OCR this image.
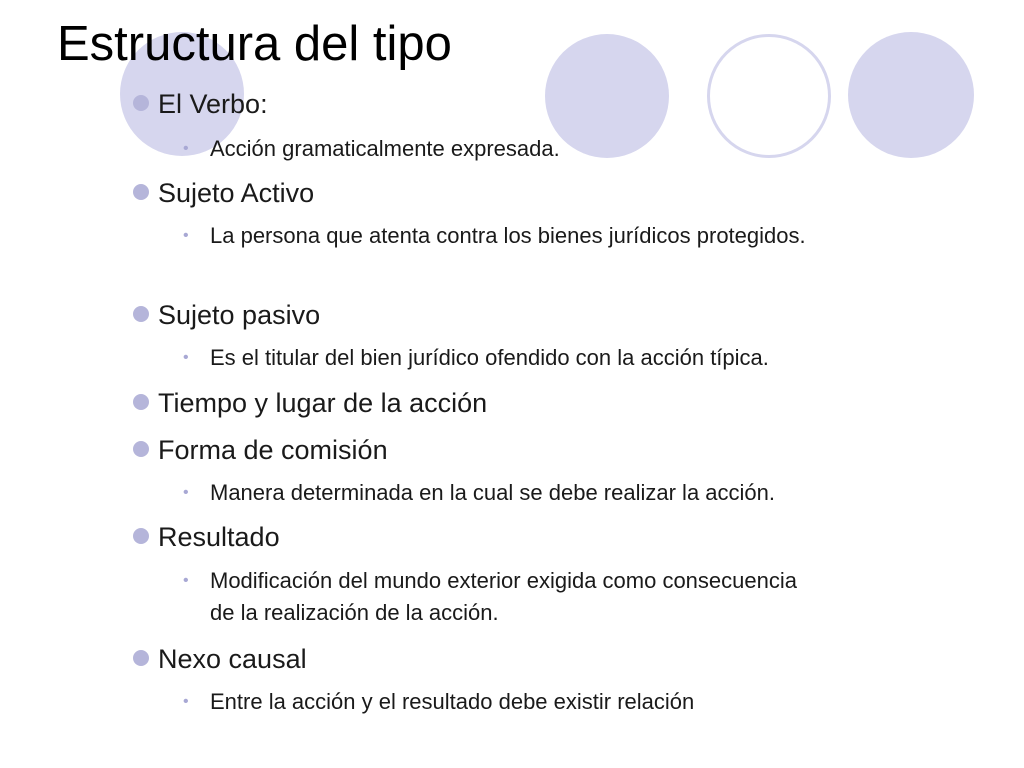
Estructura del tipo
El Verbo:
• Acción gramaticalmente expresada.
Sujeto Activo
• La persona que atenta contra los bienes jurídicos protegidos.
Sujeto pasivo
• Es el titular del bien jurídico ofendido con la acción típica.
Tiempo y lugar de la acción
Forma de comisión
• Manera determinada en la cual se debe realizar la acción.
Resultado
• Modificación del mundo exterior exigida como consecuencia de la realización de la acción.
Nexo causal
• Entre la acción y el resultado debe existir relación
